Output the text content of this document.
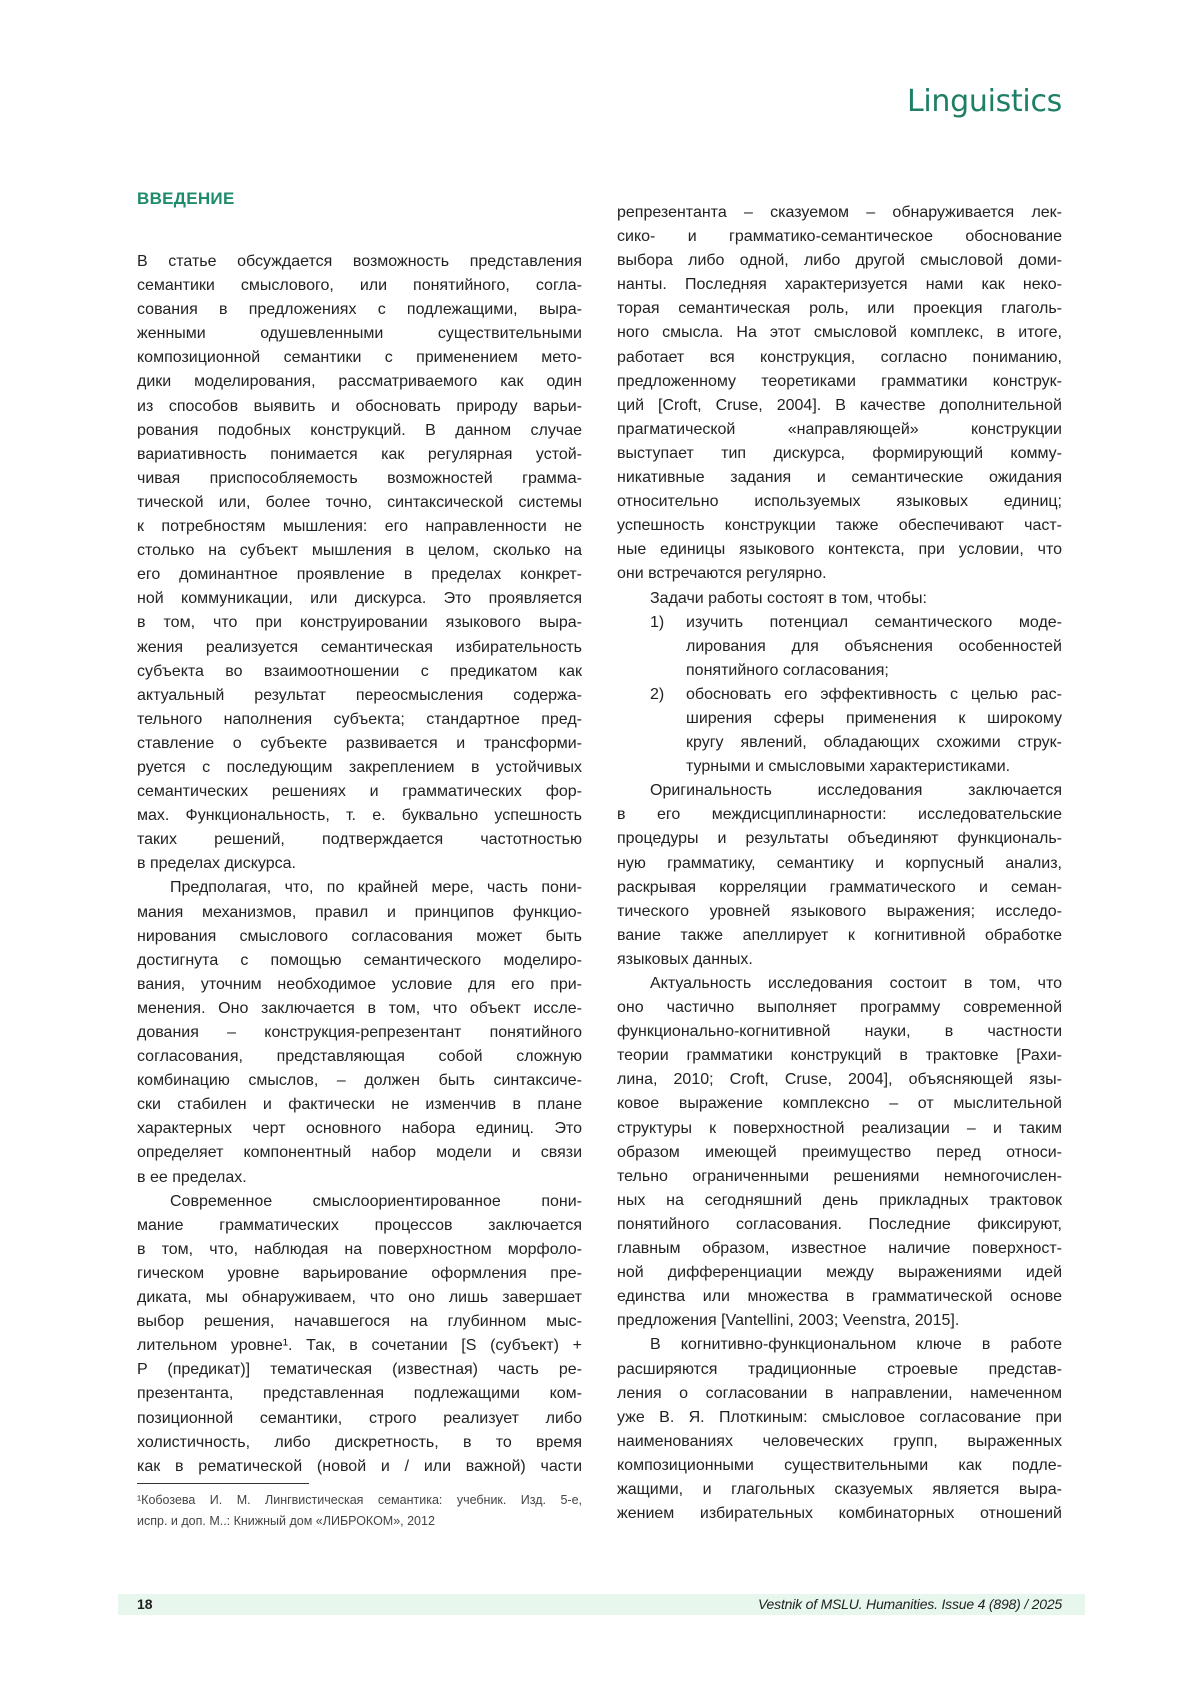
Linguistics
ВВЕДЕНИЕ
В статье обсуждается возможность представления
семантики смыслового, или понятийного, согла-
сования в предложениях с подлежащими, выра-
женными одушевленными существительными
композиционной семантики с применением мето-
дики моделирования, рассматриваемого как один
из способов выявить и обосновать природу варьи-
рования подобных конструкций. В данном случае
вариативность понимается как регулярная устой-
чивая приспособляемость возможностей грамма-
тической или, более точно, синтаксической системы
к потребностям мышления: его направленности не
столько на субъект мышления в целом, сколько на
его доминантное проявление в пределах конкрет-
ной коммуникации, или дискурса. Это проявляется
в том, что при конструировании языкового выра-
жения реализуется семантическая избирательность
субъекта во взаимоотношении с предикатом как
актуальный результат переосмысления содержа-
тельного наполнения субъекта; стандартное пред-
ставление о субъекте развивается и трансформи-
руется с последующим закреплением в устойчивых
семантических решениях и грамматических фор-
мах. Функциональность, т. е. буквально успешность
таких решений, подтверждается частотностью
в пределах дискурса.
Предполагая, что, по крайней мере, часть пони-
мания механизмов, правил и принципов функцио-
нирования смыслового согласования может быть
достигнута с помощью семантического моделиро-
вания, уточним необходимое условие для его при-
менения. Оно заключается в том, что объект иссле-
дования – конструкция-репрезентант понятийного
согласования, представляющая собой сложную
комбинацию смыслов, – должен быть синтаксиче-
ски стабилен и фактически не изменчив в плане
характерных черт основного набора единиц. Это
определяет компонентный набор модели и связи
в ее пределах.
Современное смыслоориентированное пони-
мание грамматических процессов заключается
в том, что, наблюдая на поверхностном морфоло-
гическом уровне варьирование оформления пре-
диката, мы обнаруживаем, что оно лишь завершает
выбор решения, начавшегося на глубинном мыс-
лительном уровне¹. Так, в сочетании [S (субъект) +
P (предикат)] тематическая (известная) часть ре-
презентанта, представленная подлежащими ком-
позиционной семантики, строго реализует либо
холистичность, либо дискретность, в то время
как в рематической (новой и / или важной) части
репрезентанта – сказуемом – обнаруживается лек-
сико- и грамматико-семантическое обоснование
выбора либо одной, либо другой смысловой доми-
нанты. Последняя характеризуется нами как неко-
торая семантическая роль, или проекция глаголь-
ного смысла. На этот смысловой комплекс, в итоге,
работает вся конструкция, согласно пониманию,
предложенному теоретиками грамматики конструк-
ций [Croft, Cruse, 2004]. В качестве дополнительной
прагматической «направляющей» конструкции
выступает тип дискурса, формирующий комму-
никативные задания и семантические ожидания
относительно используемых языковых единиц;
успешность конструкции также обеспечивают част-
ные единицы языкового контекста, при условии, что
они встречаются регулярно.
Задачи работы состоят в том, чтобы:
1)	изучить потенциал семантического моде-
лирования для объяснения особенностей
понятийного согласования;
2)	обосновать его эффективность с целью рас-
ширения сферы применения к широкому
кругу явлений, обладающих схожими струк-
турными и смысловыми характеристиками.
Оригинальность исследования заключается
в его междисциплинарности: исследовательские
процедуры и результаты объединяют функциональ-
ную грамматику, семантику и корпусный анализ,
раскрывая корреляции грамматического и семан-
тического уровней языкового выражения; исследо-
вание также апеллирует к когнитивной обработке
языковых данных.
Актуальность исследования состоит в том, что
оно частично выполняет программу современной
функционально-когнитивной науки, в частности
теории грамматики конструкций в трактовке [Рахи-
лина, 2010; Croft, Cruse, 2004], объясняющей язы-
ковое выражение комплексно – от мыслительной
структуры к поверхностной реализации – и таким
образом имеющей преимущество перед относи-
тельно ограниченными решениями немногочислен-
ных на сегодняшний день прикладных трактовок
понятийного согласования. Последние фиксируют,
главным образом, известное наличие поверхност-
ной дифференциации между выражениями идей
единства или множества в грамматической основе
предложения [Vantellini, 2003; Veenstra, 2015].
В когнитивно-функциональном ключе в работе
расширяются традиционные строевые представ-
ления о согласовании в направлении, намеченном
уже В. Я. Плоткиным: смысловое согласование при
наименованиях человеческих групп, выраженных
композиционными существительными как подле-
жащими, и глагольных сказуемых является выра-
жением избирательных комбинаторных отношений
¹Кобозева И. М. Лингвистическая семантика: учебник. Изд. 5-е,
испр. и доп. М..: Книжный дом «ЛИБРОКОМ», 2012
18	Vestnik of MSLU. Humanities. Issue 4 (898) / 2025
